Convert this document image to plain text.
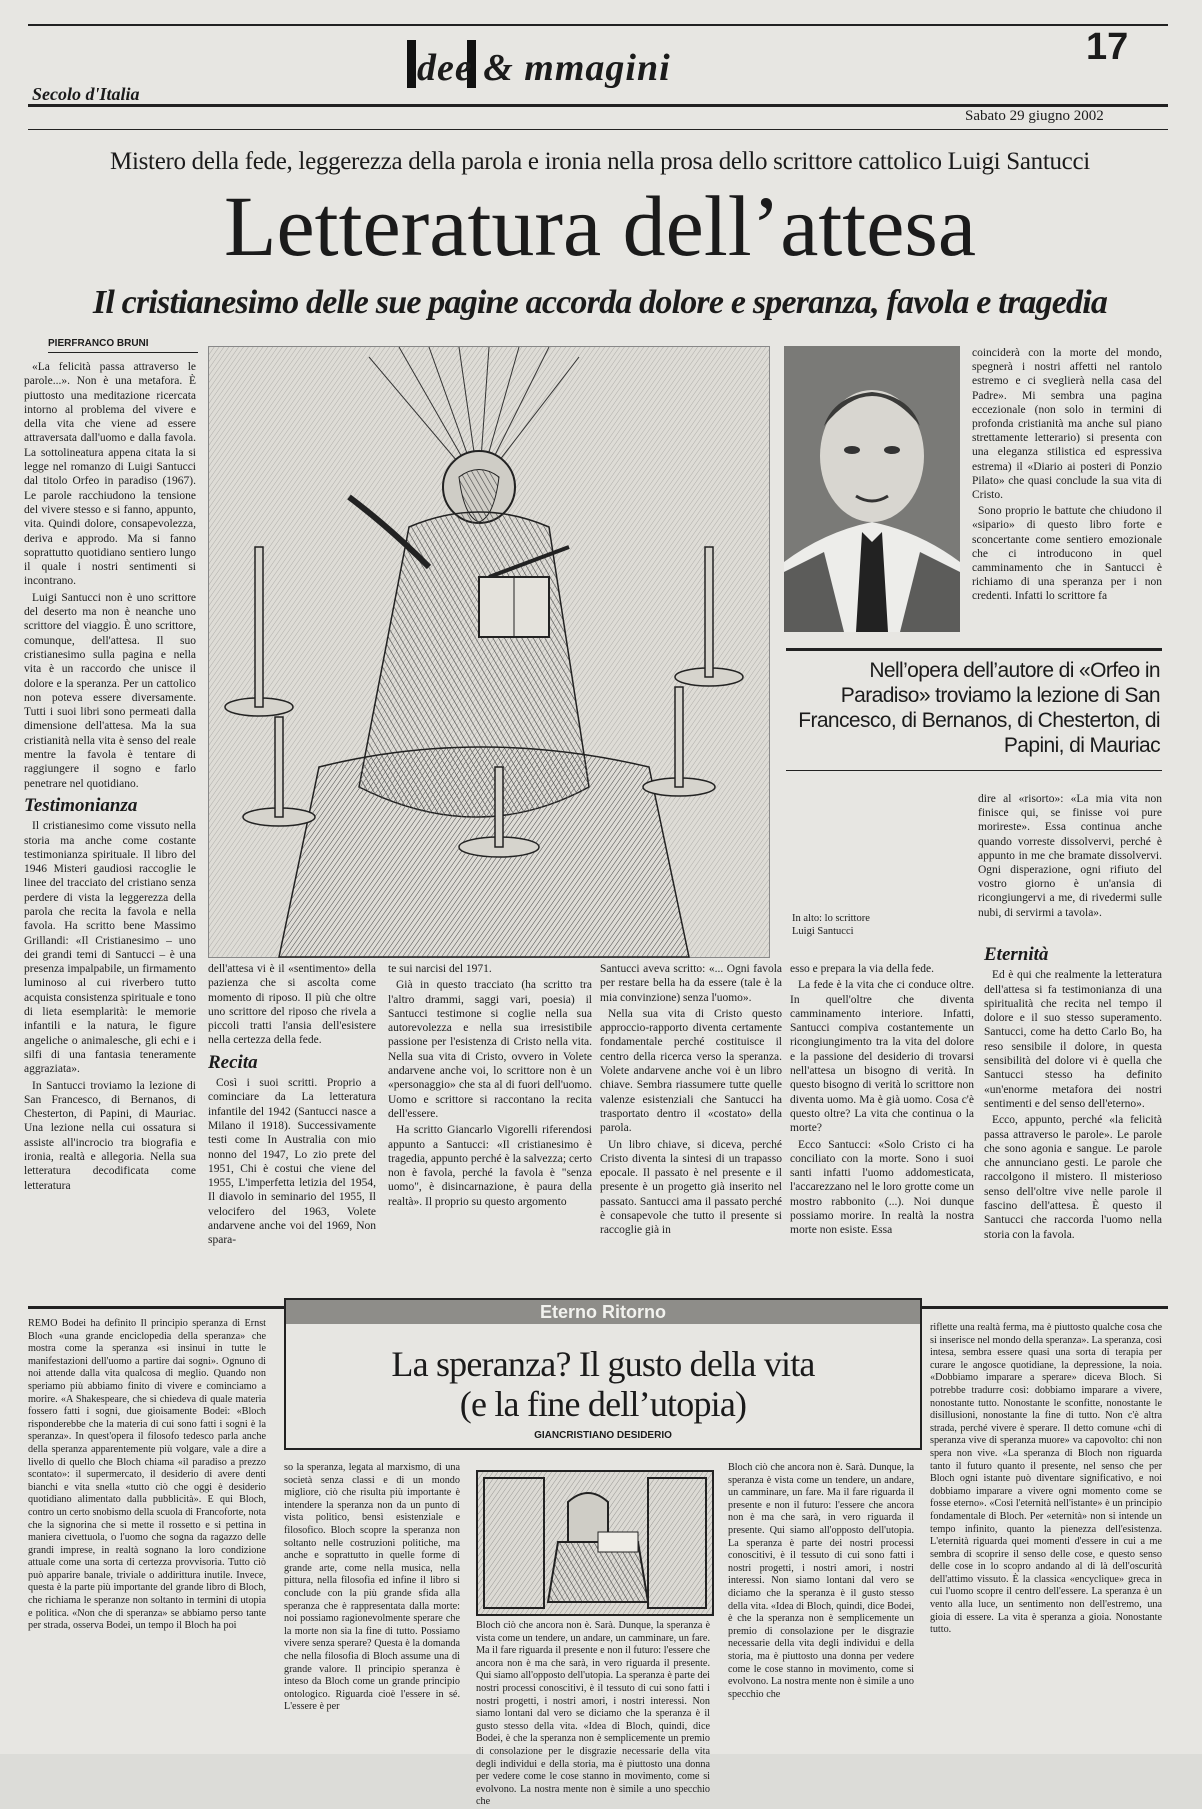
dee & mmagini	17
Secolo d'Italia
Sabato 29 giugno 2002
Mistero della fede, leggerezza della parola e ironia nella prosa dello scrittore cattolico Luigi Santucci
Letteratura dell’attesa
Il cristianesimo delle sue pagine accorda dolore e speranza, favola e tragedia
PIERFRANCO BRUNI

«La felicità passa attraverso le parole...». Non è una metafora. È piuttosto una meditazione ricercata intorno al problema del vivere e della vita che viene ad essere attraversata dall'uomo e dalla favola. La sottolineatura appena citata la si legge nel romanzo di Luigi Santucci dal titolo Orfeo in paradiso (1967). Le parole racchiudono la tensione del vivere stesso e si fanno, appunto, vita. Quindi dolore, consapevolezza, deriva e approdo. Ma si fanno soprattutto quotidiano sentiero lungo il quale i nostri sentimenti si incontrano.

Luigi Santucci non è uno scrittore del deserto ma non è neanche uno scrittore del viaggio. È uno scrittore, comunque, dell'attesa. Il suo cristianesimo sulla pagina e nella vita è un raccordo che unisce il dolore e la speranza. Per un cattolico non poteva essere diversamente. Tutti i suoi libri sono permeati dalla dimensione dell'attesa. Ma la sua cristianità nella vita è senso del reale mentre la favola è tentare di raggiungere il sogno e farlo penetrare nel quotidiano.

Testimonianza

Il cristianesimo come vissuto nella storia ma anche come costante testimonianza spirituale. Il libro del 1946 Misteri gaudiosi raccoglie le linee del tracciato del cristiano senza perdere di vista la leggerezza della parola che recita la favola e nella favola. Ha scritto bene Massimo Grillandi: «Il Cristianesimo – uno dei grandi temi di Santucci – è una presenza impalpabile, un firmamento luminoso al cui riverbero tutto acquista consistenza spirituale e tono di lieta esemplarità: le memorie infantili e la natura, le figure angeliche o animalesche, gli echi e i silfi di una fantasia teneramente aggraziata».

In Santucci troviamo la lezione di San Francesco, di Bernanos, di Chesterton, di Papini, di Mauriac. Una lezione nella cui ossatura si assiste all'incrocio tra biografia e ironia, realtà e allegoria. Nella sua letteratura decodificata come letteratura

coinciderà con la morte del mondo, spegnerà i nostri affetti nel rantolo estremo e ci sveglierà nella casa del Padre». Mi sembra una pagina eccezionale (non solo in termini di profonda cristianità ma anche sul piano strettamente letterario) si presenta con una eleganza stilistica ed espressiva estrema) il «Diario ai posteri di Ponzio Pilato» che quasi conclude la sua vita di Cristo.

Sono proprio le battute che chiudono il «sipario» di questo libro forte e sconcertante come sentiero emozionale che ci introducono in quel camminamento che in Santucci è richiamo di una speranza per i non credenti. Infatti lo scrittore fa

Nell’opera dell’autore di «Orfeo in Paradiso» troviamo la lezione di San Francesco, di Bernanos, di Chesterton, di Papini, di Mauriac
In alto: lo scrittore Luigi Santucci

dire al «risorto»: «La mia vita non finisce qui, se finisse voi pure morireste». Essa continua anche quando vorreste dissolvervi, perché è appunto in me che bramate dissolvervi. Ogni disperazione, ogni rifiuto del vostro giorno è un'ansia di ricongiungervi a me, di rivedermi sulle nubi, di servirmi a tavola».

dell'attesa vi è il «sentimento» della pazienza che si ascolta come momento di riposo. Il più che oltre uno scrittore del riposo che rivela a piccoli tratti l'ansia dell'esistere nella certezza della fede.

Recita

Così i suoi scritti. Proprio a cominciare da La letteratura infantile del 1942 (Santucci nasce a Milano il 1918). Successivamente testi come In Australia con mio nonno del 1947, Lo zio prete del 1951, Chi è costui che viene del 1955, L'imperfetta letizia del 1954, Il diavolo in seminario del 1955, Il velocifero del 1963, Volete andarvene anche voi del 1969, Non spara-

te sui narcisi del 1971.

Già in questo tracciato (ha scritto tra l'altro drammi, saggi vari, poesia) il Santucci testimone si coglie nella sua autorevolezza e nella sua irresistibile passione per l'esistenza di Cristo nella vita. Nella sua vita di Cristo, ovvero in Volete andarvene anche voi, lo scrittore non è un «personaggio» che sta al di fuori dell'uomo. Uomo e scrittore si raccontano la recita dell'essere.

Ha scritto Giancarlo Vigorelli riferendosi appunto a Santucci: «Il cristianesimo è tragedia, appunto perché è la salvezza; certo non è favola, perché la favola è "senza uomo", è disincarnazione, è paura della realtà». Il proprio su questo argomento

Santucci aveva scritto: «... Ogni favola per restare bella ha da essere (tale è la mia convinzione) senza l'uomo».

Nella sua vita di Cristo questo approccio-rapporto diventa certamente fondamentale perché costituisce il centro della ricerca verso la speranza. Volete andarvene anche voi è un libro chiave. Sembra riassumere tutte quelle valenze esistenziali che Santucci ha trasportato dentro il «costato» della parola.

Un libro chiave, si diceva, perché Cristo diventa la sintesi di un trapasso epocale. Il passato è nel presente e il presente è un progetto già inserito nel passato. Santucci ama il passato perché è consapevole che tutto il presente si raccoglie già in

esso e prepara la via della fede.

La fede è la vita che ci conduce oltre. In quell'oltre che diventa camminamento interiore. Infatti, Santucci compiva costantemente un ricongiungimento tra la vita del dolore e la passione del desiderio di trovarsi nell'attesa un bisogno di verità. In questo bisogno di verità lo scrittore non diventa uomo. Ma è già uomo. Cosa c'è questo oltre? La vita che continua o la morte?

Ecco Santucci: «Solo Cristo ci ha conciliato con la morte. Sono i suoi santi infatti l'uomo addomesticata, l'accarezzano nel le loro grotte come un mostro rabbonito (...). Noi dunque possiamo morire. In realtà la nostra morte non esiste. Essa

Eternità

Ed è qui che realmente la letteratura dell'attesa si fa testimonianza di una spiritualità che recita nel tempo il dolore e il suo stesso superamento. Santucci, come ha detto Carlo Bo, ha reso sensibile il dolore, in questa sensibilità del dolore vi è quella che Santucci stesso ha definito «un'enorme metafora dei nostri sentimenti e del senso dell'eterno».

Ecco, appunto, perché «la felicità passa attraverso le parole». Le parole che sono agonia e sangue. Le parole che annunciano gesti. Le parole che raccolgono il mistero. Il misterioso senso dell'oltre vive nelle parole il fascino dell'attesa. È questo il Santucci che raccorda l'uomo nella storia con la favola.

Eterno Ritorno
La speranza? Il gusto della vita
(e la fine dell’utopia)
GIANCRISTIANO DESIDERIO

REMO Bodei ha definito Il principio speranza di Ernst Bloch «una grande enciclopedia della speranza» che mostra come la speranza «si insinui in tutte le manifestazioni dell'uomo a partire dai sogni». Ognuno di noi attende dalla vita qualcosa di meglio. Quando non speriamo più abbiamo finito di vivere e cominciamo a morire. «A Shakespeare, che si chiedeva di quale materia fossero fatti i sogni, due gioisamente Bodei: «Bloch risponderebbe che la materia di cui sono fatti i sogni è la speranza». In quest'opera il filosofo tedesco parla anche della speranza apparentemente più volgare, vale a dire a livello di quello che Bloch chiama «il paradiso a prezzo scontato»: il supermercato, il desiderio di avere denti bianchi e vita snella «tutto ciò che oggi è desiderio quotidiano alimentato dalla pubblicità». E qui Bloch, contro un certo snobismo della scuola di Francoforte, nota che la signorina che si mette il rossetto e si pettina in maniera civettuola, o l'uomo che sogna da ragazzo delle grandi imprese, in realtà sognano la loro condizione attuale come una sorta di certezza provvisoria. Tutto ciò può apparire banale, triviale o addirittura inutile. Invece, questa è la parte più importante del grande libro di Bloch, che richiama le speranze non soltanto in termini di utopia e politica. «Non che di speranza» se abbiamo perso tante per strada, osserva Bodei, un tempo il Bloch ha poi

so la speranza, legata al marxismo, di una società senza classi e di un mondo migliore, ciò che risulta più importante è intendere la speranza non da un punto di vista politico, bensì esistenziale e filosofico. Bloch scopre la speranza non soltanto nelle costruzioni politiche, ma anche e soprattutto in quelle forme di grande arte, come nella musica, nella pittura, nella filosofia ed infine il libro si conclude con la più grande sfida alla speranza che è rappresentata dalla morte: noi possiamo ragionevolmente sperare che la morte non sia la fine di tutto. Possiamo vivere senza sperare? Questa è la domanda che nella filosofia di Bloch assume una di grande valore. Il principio speranza è inteso da Bloch come un grande principio ontologico. Riguarda cioè l'essere in sé. L'essere è per

Bloch ciò che ancora non è. Sarà. Dunque, la speranza è vista come un tendere, un andare, un camminare, un fare. Ma il fare riguarda il presente e non il futuro: l'essere che ancora non è ma che sarà, in vero riguarda il presente. Qui siamo all'opposto dell'utopia. La speranza è parte dei nostri processi conoscitivi, è il tessuto di cui sono fatti i nostri progetti, i nostri amori, i nostri interessi. Non siamo lontani dal vero se diciamo che la speranza è il gusto stesso della vita. «Idea di Bloch, quindi, dice Bodei, è che la speranza non è semplicemente un premio di consolazione per le disgrazie necessarie della vita degli individui e della storia, ma è piuttosto una donna per vedere come le cose stanno in movimento, come si evolvono. La nostra mente non è simile a uno specchio che

Bloch ciò che ancora non è. Sarà. Dunque, la speranza è vista come un tendere, un andare, un camminare, un fare. Ma il fare riguarda il presente e non il futuro: l'essere che ancora non è ma che sarà, in vero riguarda il presente. Qui siamo all'opposto dell'utopia. La speranza è parte dei nostri processi conoscitivi, è il tessuto di cui sono fatti i nostri progetti, i nostri amori, i nostri interessi. Non siamo lontani dal vero se diciamo che la speranza è il gusto stesso della vita. «Idea di Bloch, quindi, dice Bodei, è che la speranza non è semplicemente un premio di consolazione per le disgrazie necessarie della vita degli individui e della storia, ma è piuttosto una donna per vedere come le cose stanno in movimento, come si evolvono. La nostra mente non è simile a uno specchio che

riflette una realtà ferma, ma è piuttosto qualche cosa che si inserisce nel mondo della speranza». La speranza, così intesa, sembra essere quasi una sorta di terapia per curare le angosce quotidiane, la depressione, la noia. «Dobbiamo imparare a sperare» diceva Bloch. Si potrebbe tradurre così: dobbiamo imparare a vivere, nonostante tutto. Nonostante le sconfitte, nonostante le disillusioni, nonostante la fine di tutto. Non c'è altra strada, perché vivere è sperare. Il detto comune «chi di speranza vive di speranza muore» va capovolto: chi non spera non vive. «La speranza di Bloch non riguarda tanto il futuro quanto il presente, nel senso che per Bloch ogni istante può diventare significativo, e noi dobbiamo imparare a vivere ogni momento come se fosse eterno». «Così l'eternità nell'istante» è un principio fondamentale di Bloch. Per «eternità» non si intende un tempo infinito, quanto la pienezza dell'esistenza. L'eternità riguarda quei momenti d'essere in cui a me sembra di scoprire il senso delle cose, e questo senso delle cose in lo scopro andando al di là dell'oscurità dell'attimo vissuto. È la classica «encyclique» greca in cui l'uomo scopre il centro dell'essere. La speranza è un vento alla luce, un sentimento non dell'estremo, una gioia di essere. La vita è speranza a gioia. Nonostante tutto.
